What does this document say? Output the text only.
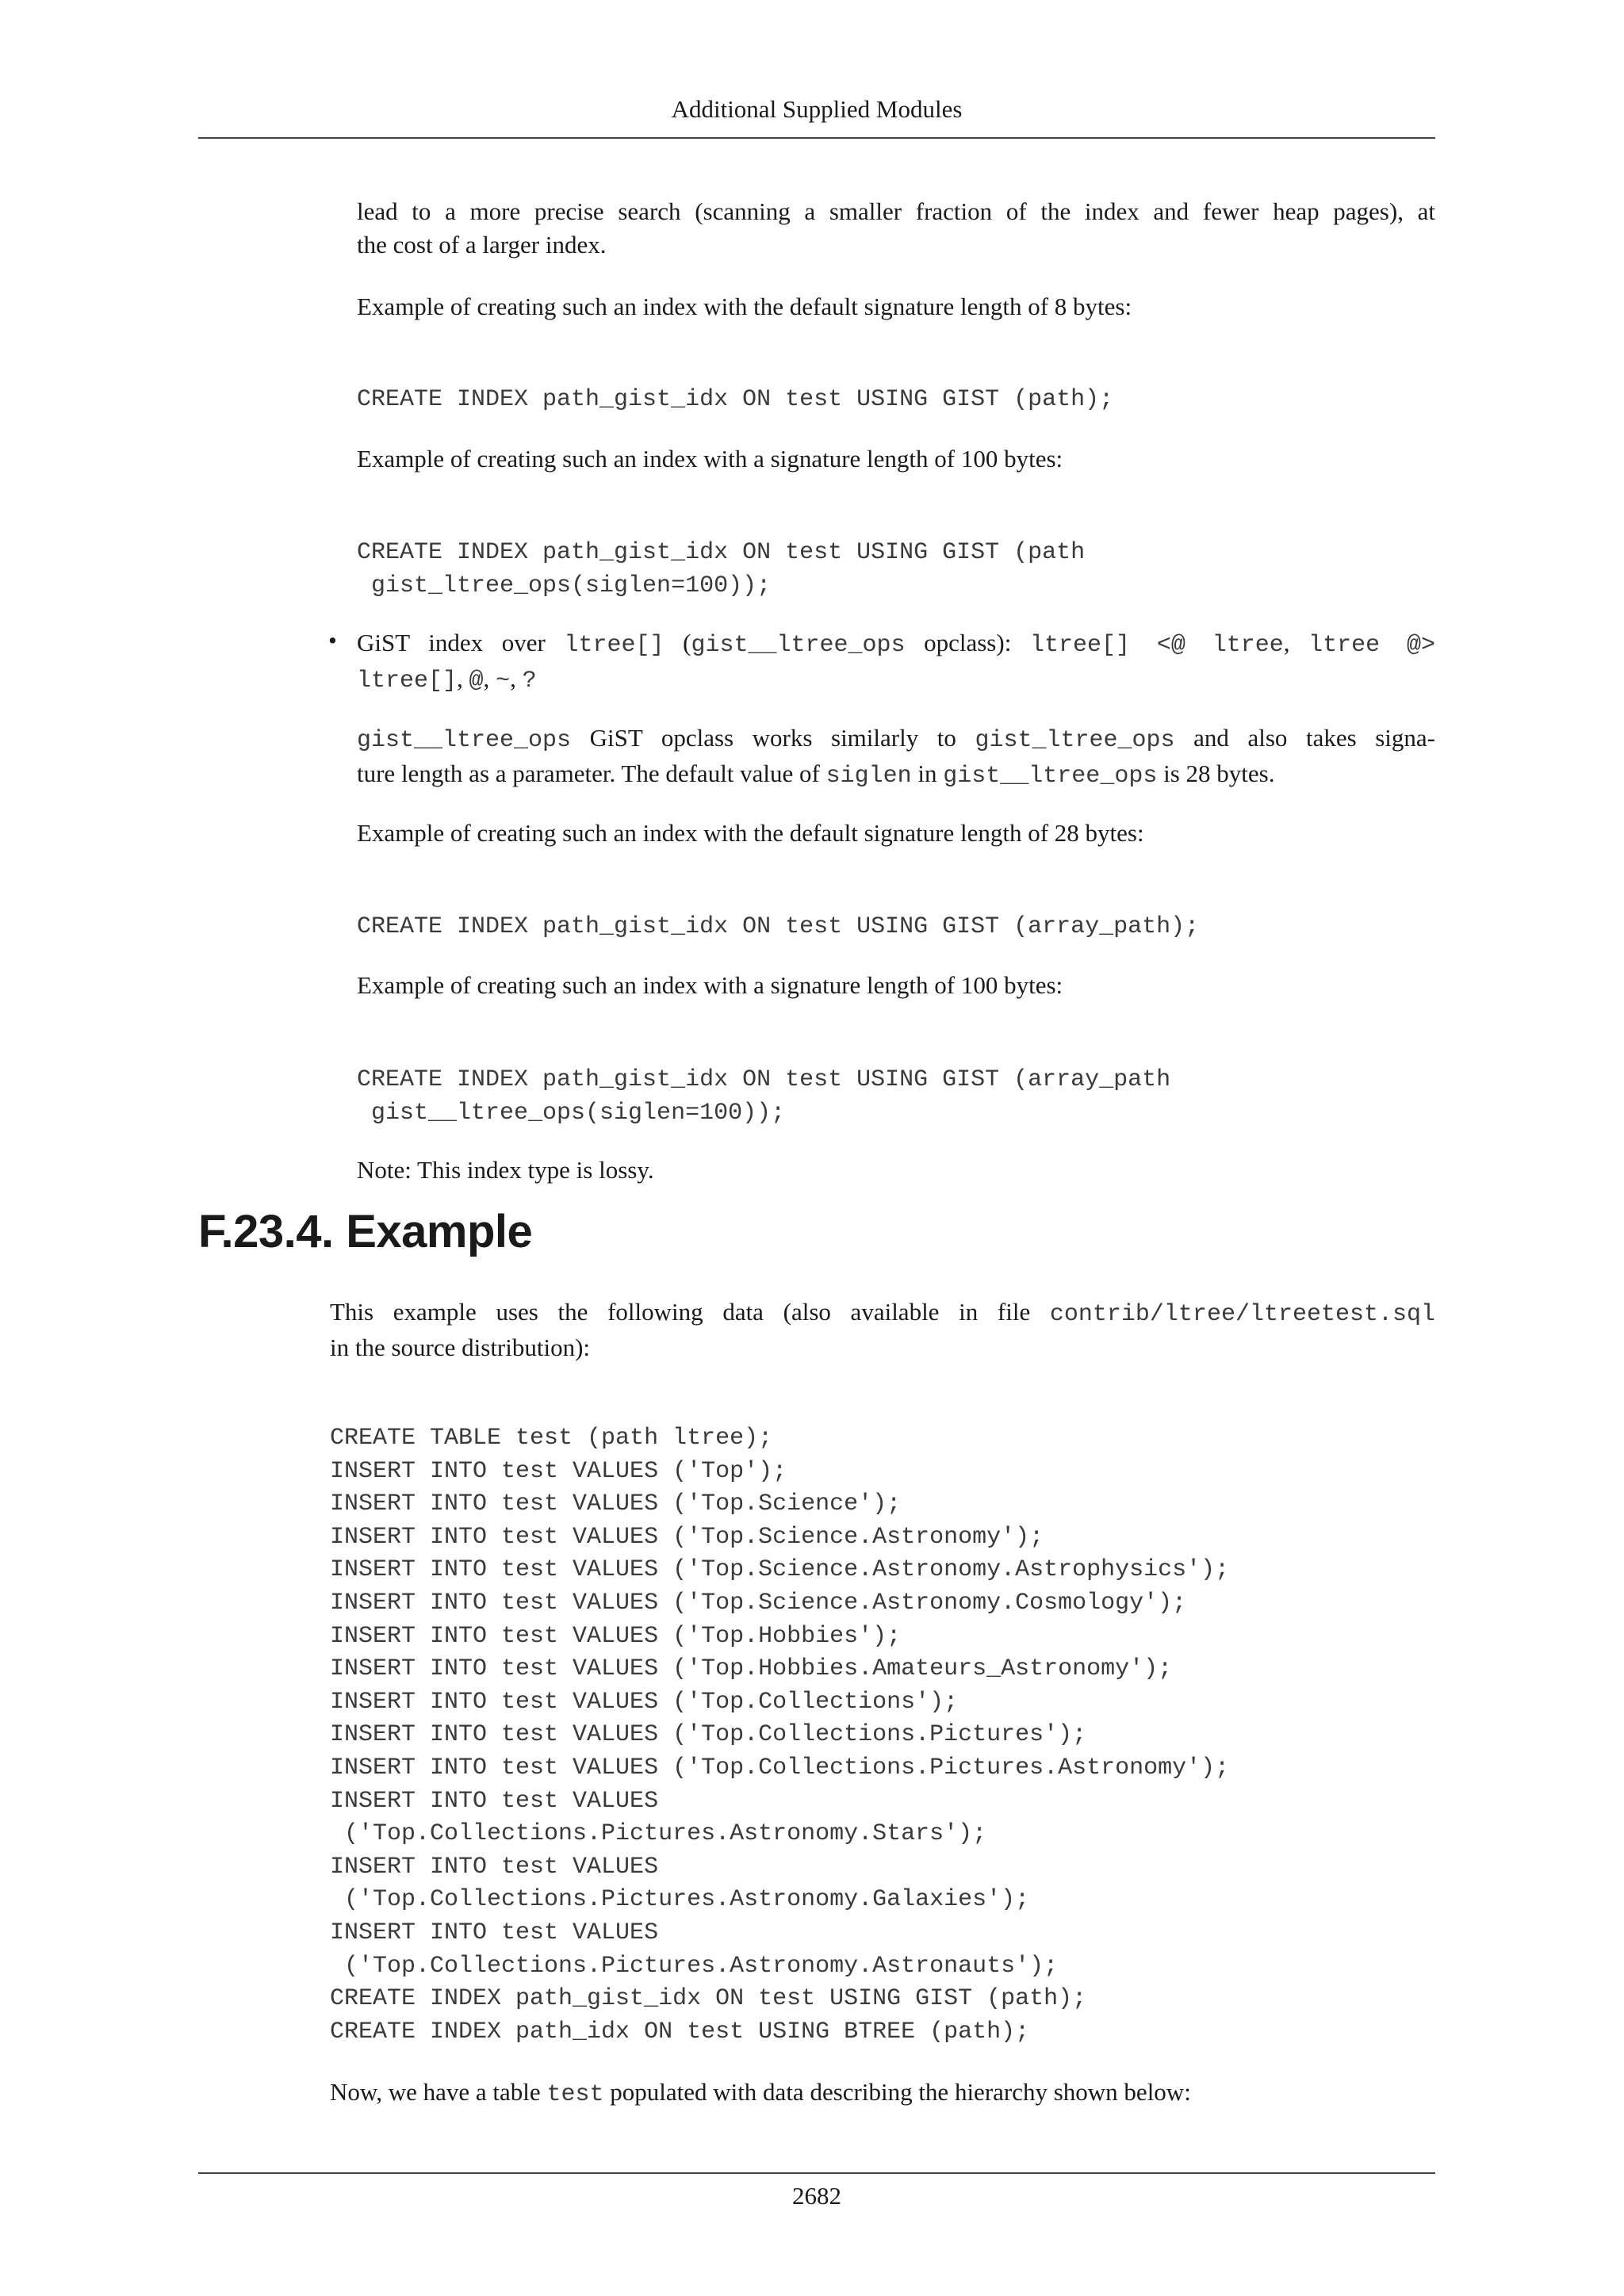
Additional Supplied Modules

lead to a more precise search (scanning a smaller fraction of the index and fewer heap pages), at

the cost of a larger index.

Example of creating such an index with the default signature length of 8 bytes:

CREATE INDEX path_gist_idx ON test USING GIST (path);

Example of creating such an index with a signature length of 100 bytes:

CREATE INDEX path_gist_idx ON test USING GIST (path
gist_ltree_ops(siglen=100));
• GiST index over ltree[] (gist__ltree_ops opclass): ltree[] <@ ltree, ltree @>

ltree[], @, ~, ?

gist__ltree_ops GiST opclass works similarly to gist_ltree_ops and also takes signa-

ture length as a parameter. The default value of siglen in gist__ltree_ops is 28 bytes.

Example of creating such an index with the default signature length of 28 bytes:

CREATE INDEX path_gist_idx ON test USING GIST (array_path);

Example of creating such an index with a signature length of 100 bytes:

CREATE INDEX path_gist_idx ON test USING GIST (array_path
gist__ltree_ops(siglen=100));

Note: This index type is lossy.

F.23.4. Example

This example uses the following data (also available in file contrib/ltree/ltreetest.sql

in the source distribution):

CREATE TABLE test (path ltree);
INSERT INTO test VALUES ('Top');
INSERT INTO test VALUES ('Top.Science');
INSERT INTO test VALUES ('Top.Science.Astronomy');
INSERT INTO test VALUES ('Top.Science.Astronomy.Astrophysics');
INSERT INTO test VALUES ('Top.Science.Astronomy.Cosmology');
INSERT INTO test VALUES ('Top.Hobbies');
INSERT INTO test VALUES ('Top.Hobbies.Amateurs_Astronomy');
INSERT INTO test VALUES ('Top.Collections');
INSERT INTO test VALUES ('Top.Collections.Pictures');
INSERT INTO test VALUES ('Top.Collections.Pictures.Astronomy');
INSERT INTO test VALUES
('Top.Collections.Pictures.Astronomy.Stars');
INSERT INTO test VALUES
('Top.Collections.Pictures.Astronomy.Galaxies');
INSERT INTO test VALUES
('Top.Collections.Pictures.Astronomy.Astronauts');
CREATE INDEX path_gist_idx ON test USING GIST (path);
CREATE INDEX path_idx ON test USING BTREE (path);

Now, we have a table test populated with data describing the hierarchy shown below:

2682
